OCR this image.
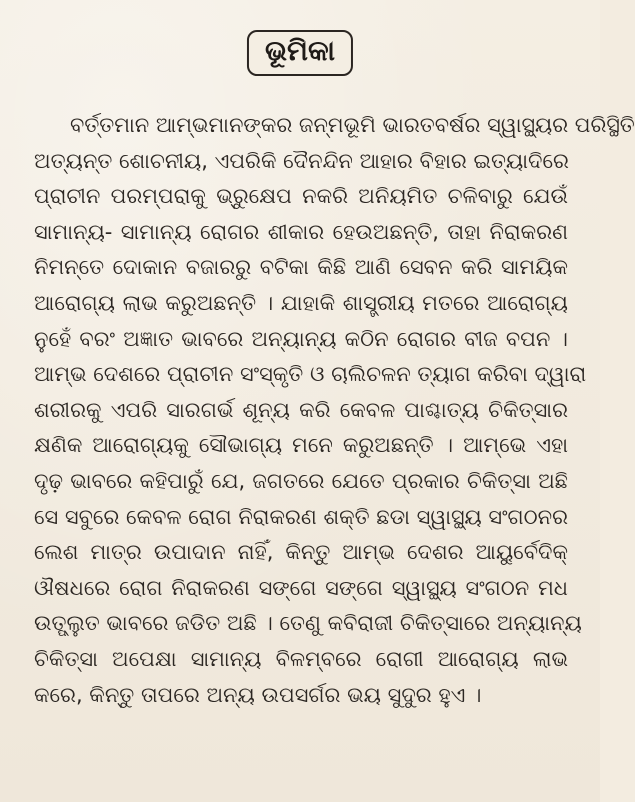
ଭୂମିକା
ବର୍ତ୍ତମାନ ଆମ୍ଭମାନଙ୍କର ଜନ୍ମଭୂମି ଭାରତବର୍ଷର ସ୍ୱାସ୍ଥ୍ୟର ପରିସ୍ଥିତି
ଅତ୍ୟନ୍ତ ଶୋଚନୀୟ, ଏପରିକି ଦୈନନ୍ଦିନ ଆହାର ବିହାର ଇତ୍ୟାଦିରେ
ପ୍ରାଚୀନ ପରମ୍ପରାକୁ ଭ୍ରୁକ୍ଷେପ ନକରି ଅନିୟମିତ ଚଳିବାରୁ ଯେଉଁ
ସାମାନ୍ୟ- ସାମାନ୍ୟ ରୋଗର ଶୀକାର ହେଉଅଛନ୍ତି, ତାହା ନିରାକରଣ
ନିମନ୍ତେ ଦୋକାନ ବଜାରରୁ ବଟିକା କିଛି ଆଣି ସେବନ କରି ସାମୟିକ
ଆରୋଗ୍ୟ ଲାଭ କରୁଅଛନ୍ତି । ଯାହାକି ଶାସ୍ତ୍ରୀୟ ମତରେ ଆରୋଗ୍ୟ
ନୁହେଁ ବରଂ ଅଜ୍ଞାତ ଭାବରେ ଅନ୍ୟାନ୍ୟ କଠିନ ରୋଗର ବୀଜ ବପନ ।
ଆମ୍ଭ ଦେଶରେ ପ୍ରାଚୀନ ସଂସ୍କୃତି ଓ ଚାଲିଚଳନ ତ୍ୟାଗ କରିବା ଦ୍ୱାରା
ଶରୀରକୁ ଏପରି ସାରଗର୍ଭ ଶୂନ୍ୟ କରି କେବଳ ପାଶ୍ଚାତ୍ୟ ଚିକିତ୍ସାର
କ୍ଷଣିକ ଆରୋଗ୍ୟକୁ ସୌଭାଗ୍ୟ ମନେ କରୁଅଛନ୍ତି । ଆମ୍ଭେ ଏହା
ଦୃଢ଼ ଭାବରେ କହିପାରୁଁ ଯେ, ଜଗତରେ ଯେତେ ପ୍ରକାର ଚିକିତ୍ସା ଅଛି
ସେ ସବୁରେ କେବଳ ରୋଗ ନିରାକରଣ ଶକ୍ତି ଛଡା ସ୍ୱାସ୍ଥ୍ୟ ସଂଗଠନର
ଲେଶ ମାତ୍ର ଉପାଦାନ ନାହିଁ, କିନ୍ତୁ ଆମ୍ଭ ଦେଶର ଆୟୁର୍ବେଦିକ୍
ଔଷଧରେ ରୋଗ ନିରାକରଣ ସଙ୍ଗେ ସଙ୍ଗେ ସ୍ୱାସ୍ଥ୍ୟ ସଂଗଠନ ମଧ
ଉତ୍ପ୍ଲୁତ ଭାବରେ ଜଡିତ ଅଛି । ତେଣୁ କବିରାଜୀ ଚିକିତ୍ସାରେ ଅନ୍ୟାନ୍ୟ
ଚିକିତ୍ସା ଅପେକ୍ଷା ସାମାନ୍ୟ ବିଳମ୍ବରେ ରୋଗୀ ଆରୋଗ୍ୟ ଲାଭ
କରେ, କିନ୍ତୁ ତାପରେ ଅନ୍ୟ ଉପସର୍ଗର ଭୟ ସୁଦୁର ହୁଏ ।
